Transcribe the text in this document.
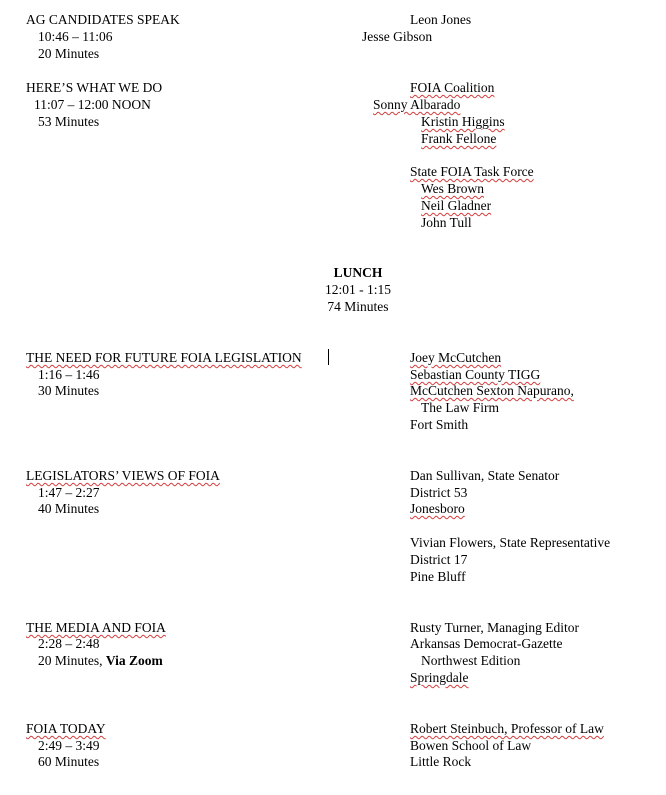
AG CANDIDATES SPEAK
10:46 – 11:06
20 Minutes
Leon Jones
Jesse Gibson
HERE’S WHAT WE DO
11:07 – 12:00 NOON
53 Minutes
FOIA Coalition
Sonny Albarado
Kristin Higgins
Frank Fellone
State FOIA Task Force
Wes Brown
Neil Gladner
John Tull
LUNCH
12:01 - 1:15
74 Minutes
THE NEED FOR FUTURE FOIA LEGISLATION
1:16 – 1:46
30 Minutes
Joey McCutchen
Sebastian County TIGG
McCutchen Sexton Napurano,
The Law Firm
Fort Smith
LEGISLATORS’ VIEWS OF FOIA
1:47 – 2:27
40 Minutes
Dan Sullivan, State Senator
District 53
Jonesboro
Vivian Flowers, State Representative
District 17
Pine Bluff
THE MEDIA AND FOIA
2:28 – 2:48
20 Minutes, Via Zoom
Rusty Turner, Managing Editor
Arkansas Democrat-Gazette
Northwest Edition
Springdale
FOIA TODAY
2:49 – 3:49
60 Minutes
Robert Steinbuch, Professor of Law
Bowen School of Law
Little Rock
